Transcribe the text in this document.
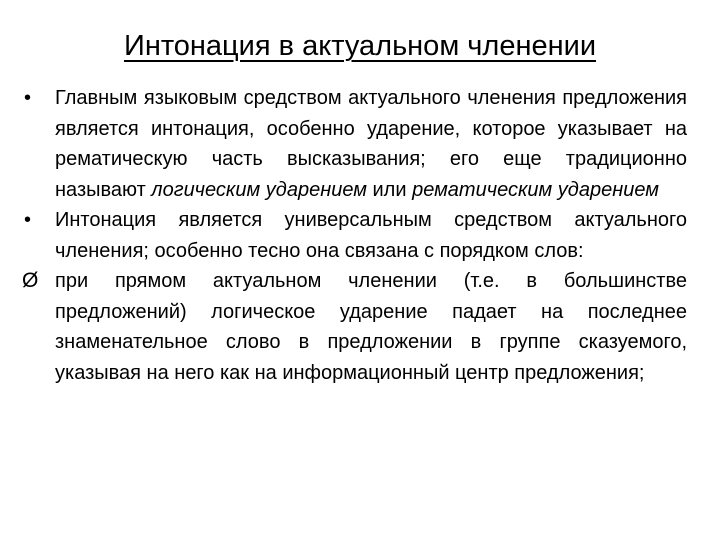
Интонация в актуальном членении
•	Главным языковым средством актуального членения предложения является интонация, особенно ударение, которое указывает на рематическую часть высказывания; его еще традиционно называют логическим ударением или рематическим ударением
•	Интонация является универсальным средством актуального членения; особенно тесно она связана с порядком слов:
Ø при прямом актуальном членении (т.е. в большинстве предложений) логическое ударение падает на последнее знаменательное слово в предложении в группе сказуемого, указывая на него как на информационный центр предложения;
